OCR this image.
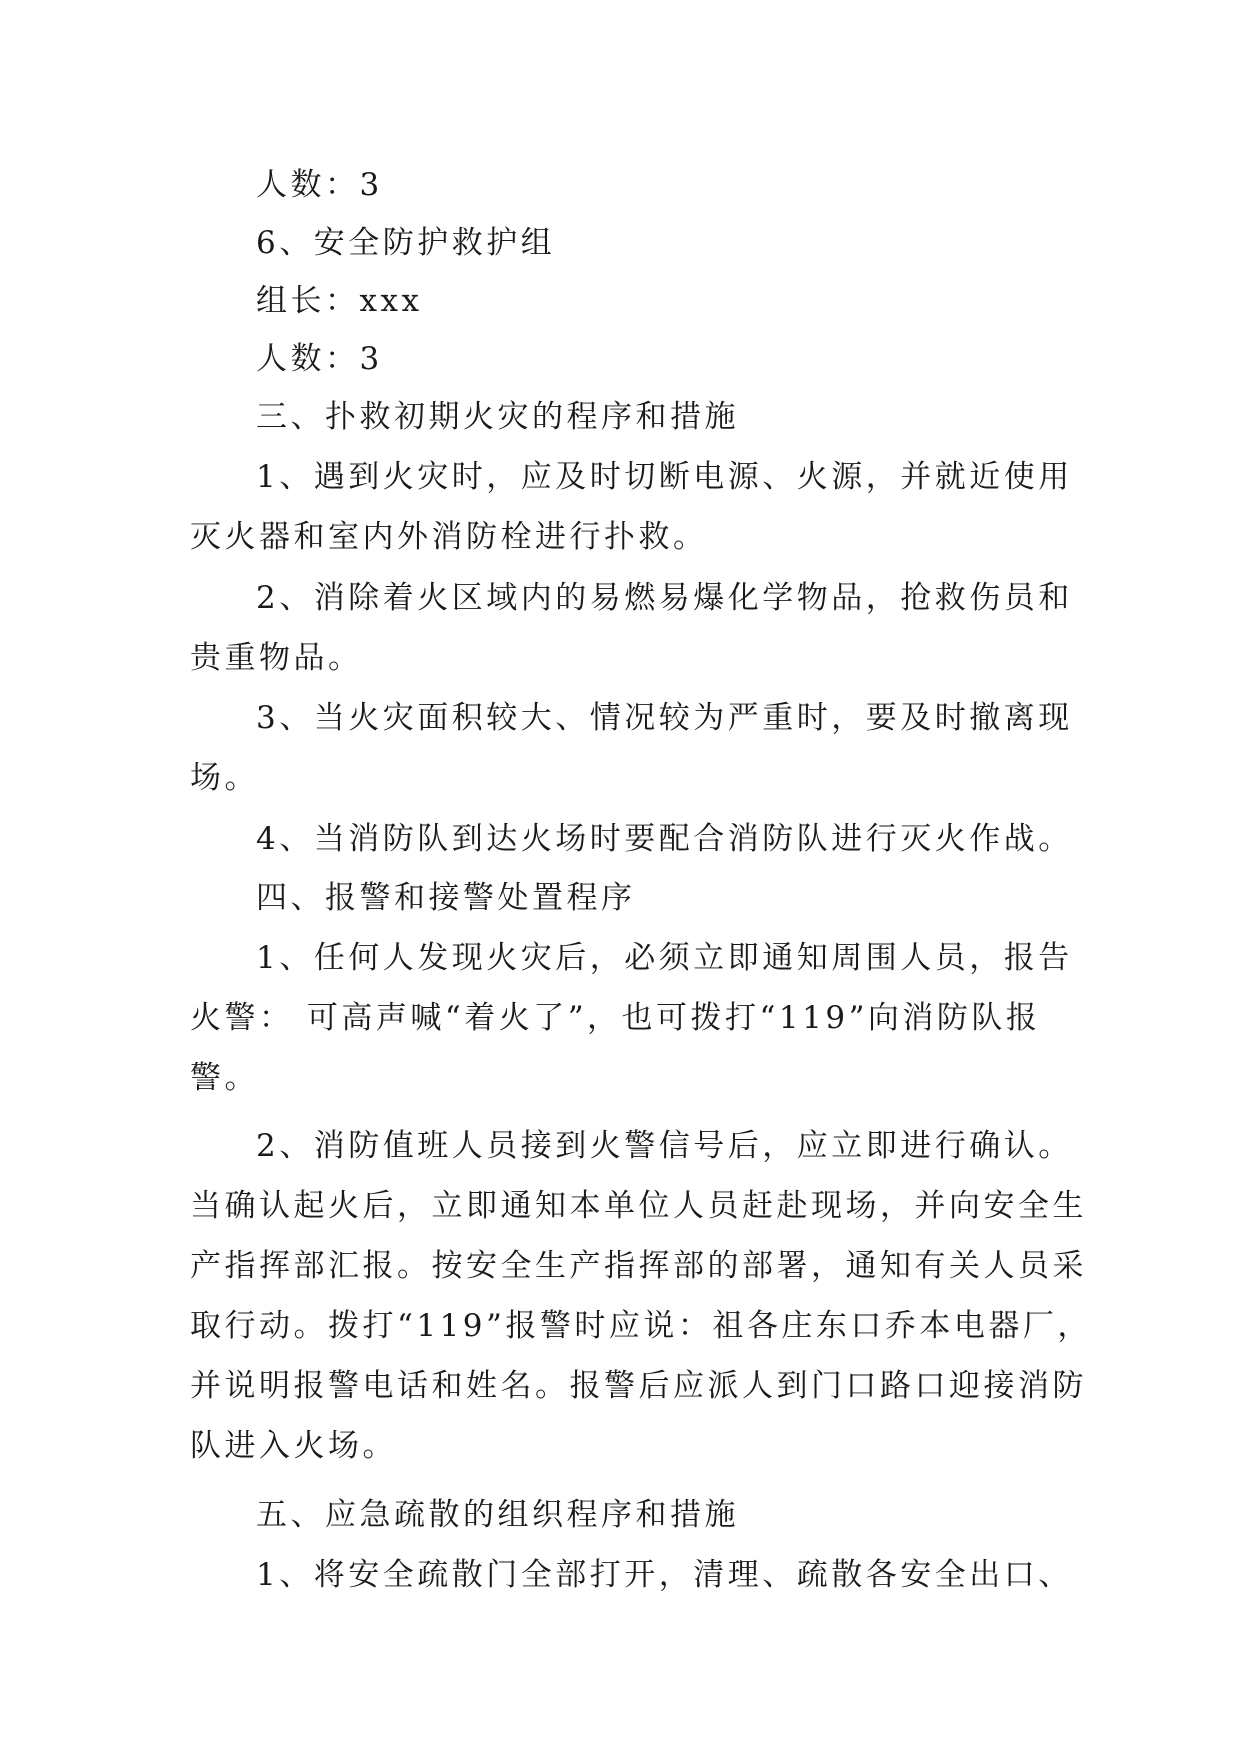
人数：3
6、安全防护救护组
组长：xxx
人数：3
三、扑救初期火灾的程序和措施
1、遇到火灾时，应及时切断电源、火源，并就近使用
灭火器和室内外消防栓进行扑救。
2、消除着火区域内的易燃易爆化学物品，抢救伤员和
贵重物品。
3、当火灾面积较大、情况较为严重时，要及时撤离现
场。
4、当消防队到达火场时要配合消防队进行灭火作战。
四、报警和接警处置程序
1、任何人发现火灾后，必须立即通知周围人员，报告
火警： 可高声喊“着火了”，也可拨打“119”向消防队报
警。
2、消防值班人员接到火警信号后，应立即进行确认。
当确认起火后，立即通知本单位人员赶赴现场，并向安全生
产指挥部汇报。按安全生产指挥部的部署，通知有关人员采
取行动。拨打“119”报警时应说：祖各庄东口乔本电器厂，
并说明报警电话和姓名。报警后应派人到门口路口迎接消防
队进入火场。
五、应急疏散的组织程序和措施
1、将安全疏散门全部打开，清理、疏散各安全出口、
